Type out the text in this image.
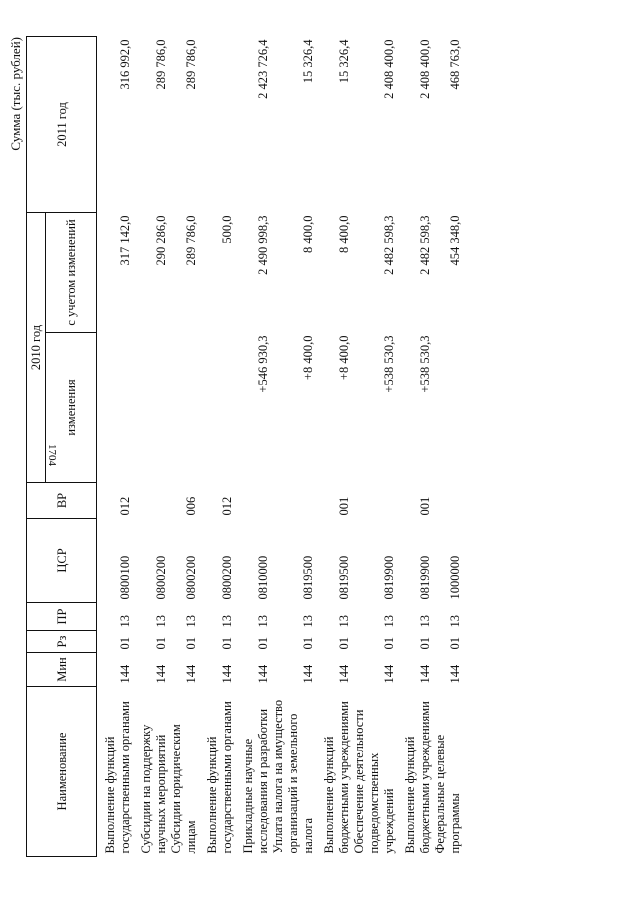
1704
Сумма (тыс. рублей)
Наименование	Мин	Рз	ПР	ЦСР	ВР	2010 год		2011 год
						изменения	с учетом изменений	
Выполнение функций государственными органами	144	01	13	0800100	012		317 142,0	316 992,0
Субсидии на поддержку научных мероприятий	144	01	13	0800200			290 286,0	289 786,0
Субсидии юридическим лицам	144	01	13	0800200	006		289 786,0	289 786,0
Выполнение функций государственными органами	144	01	13	0800200	012		500,0	
Прикладные научные исследования и разработки	144	01	13	0810000		+546 930,3	2 490 998,3	2 423 726,4
Уплата налога на имущество организаций и земельного налога	144	01	13	0819500		+8 400,0	8 400,0	15 326,4
Выполнение функций бюджетными учреждениями	144	01	13	0819500	001	+8 400,0	8 400,0	15 326,4
Обеспечение деятельности подведомственных учреждений	144	01	13	0819900		+538 530,3	2 482 598,3	2 408 400,0
Выполнение функций бюджетными учреждениями	144	01	13	0819900	001	+538 530,3	2 482 598,3	2 408 400,0
Федеральные целевые программы	144	01	13	1000000			454 348,0	468 763,0
